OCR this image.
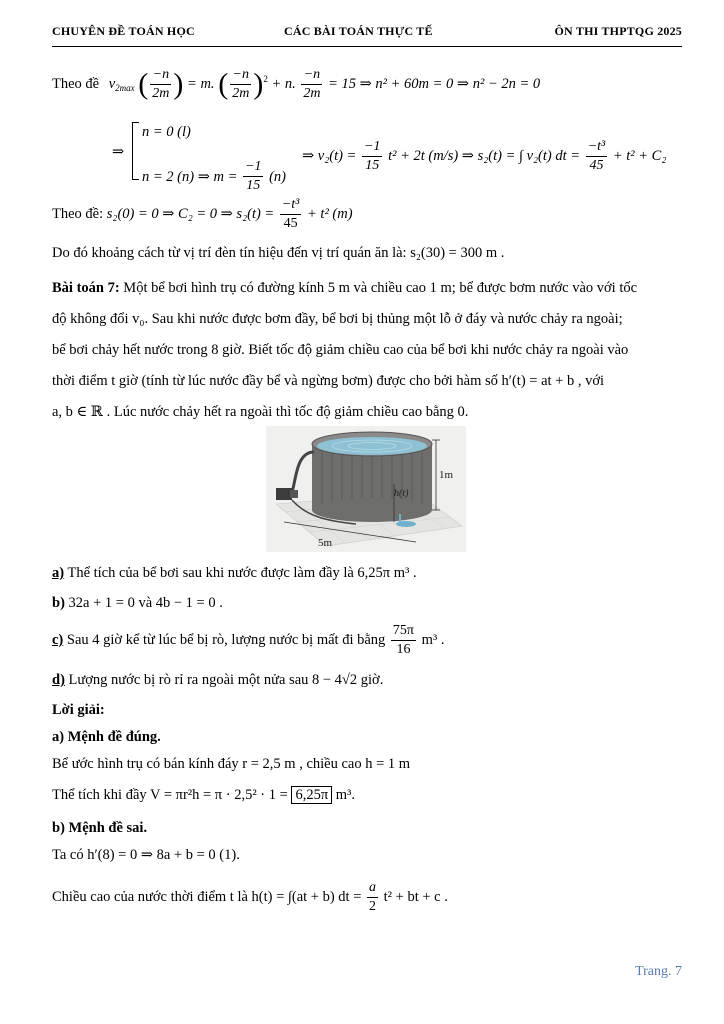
CHUYÊN ĐỀ TOÁN HỌC	CÁC BÀI TOÁN THỰC TẾ	ÔN THI THPTQG 2025
Theo đề $v_{2max}$ ( $\frac{-n}{2m}$ ) = m. ( $\frac{-n}{2m} )^2 + n$. $\frac{-n}{2m} = 15$ ⇒ n² + 60m = 0 ⇒ n² − 2n = 0
⇒
n = 0 (l)
n = 2 (n) ⇒ $m = \frac{-1}{15} (n)$
⇒ $v_2(t) = \frac{-1}{15} t^2 + 2t$ (m/s) ⇒ s₂(t) = ∫ v₂(t) dt = $\frac{\text{−t³}}{45} + t^2 + C_2$
Theo đề: s₂(0) = 0 ⇒ C₂ = 0 ⇒ $s_2(t) = \frac{\text{−t³}}{45} + t^2$ (m)
Do đó khoảng cách từ vị trí đèn tín hiệu đến vị trí quán ăn là: s₂(30) = 300 m .
Bài toán 7: Một bể bơi hình trụ có đường kính 5 m và chiều cao 1 m; bể được bơm nước vào với tốc
độ không đổi v₀. Sau khi nước được bơm đầy, bể bơi bị thủng một lỗ ở đáy và nước chảy ra ngoài;
bể bơi chảy hết nước trong 8 giờ. Biết tốc độ giảm chiều cao của bể bơi khi nước chảy ra ngoài vào
thời điểm t giờ (tính từ lúc nước đầy bể và ngừng bơm) được cho bởi hàm số h′(t) = at + b , với
a, b ∈ ℝ . Lúc nước chảy hết ra ngoài thì tốc độ giảm chiều cao bằng 0.
1m
h(t)
5m
a) Thể tích của bể bơi sau khi nước được làm đầy là 6,25π m³ .
b) 32a + 1 = 0 và 4b − 1 = 0 .
c) Sau 4 giờ kể từ lúc bể bị rò, lượng nước bị mất đi bằng $\frac{75\pi}{16} m^3$ .
d) Lượng nước bị rò rỉ ra ngoài một nửa sau 8 − 4√2 giờ.
Lời giải:
a) Mệnh đề đúng.
Bể ước hình trụ có bán kính đáy r = 2,5 m , chiều cao h = 1 m
Thể tích khi đầy V = πr²h = π · 2,5² · 1 = 6,25π m³.
b) Mệnh đề sai.
Ta có h′(8) = 0 ⇒ 8a + b = 0 (1).
Chiều cao của nước thời điểm t là h(t) = ∫(at + b) dt = $\frac{a}{2} t^2$ + bt + c .
Trang. 7
